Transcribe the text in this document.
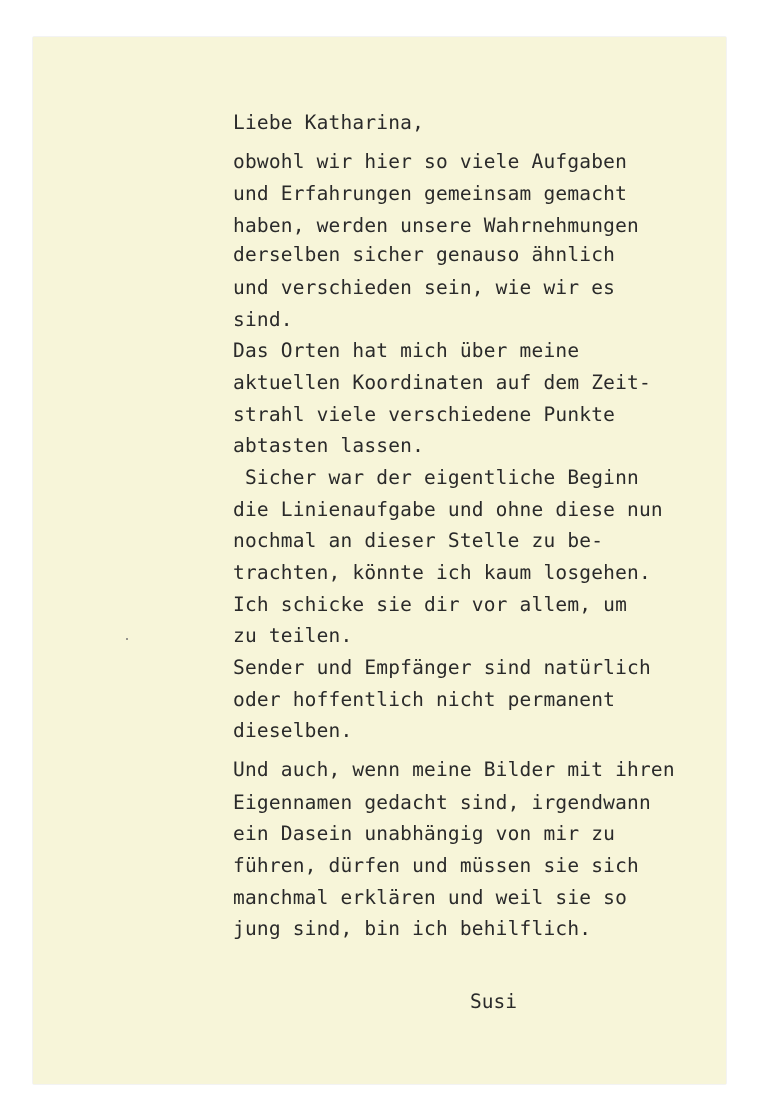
Liebe Katharina,
obwohl wir hier so viele Aufgaben
und Erfahrungen gemeinsam gemacht
haben, werden unsere Wahrnehmungen
derselben sicher genauso ähnlich
und verschieden sein, wie wir es
sind.
Das Orten hat mich über meine
aktuellen Koordinaten auf dem Zeit-
strahl viele verschiedene Punkte
abtasten lassen.
Sicher war der eigentliche Beginn
die Linienaufgabe und ohne diese nun
nochmal an dieser Stelle zu be-
trachten, könnte ich kaum losgehen.
Ich schicke sie dir vor allem, um
zu teilen.
Sender und Empfänger sind natürlich
oder hoffentlich nicht permanent
dieselben.
Und auch, wenn meine Bilder mit ihren
Eigennamen gedacht sind, irgendwann
ein Dasein unabhängig von mir zu
führen, dürfen und müssen sie sich
manchmal erklären und weil sie so
jung sind, bin ich behilflich.
Susi
